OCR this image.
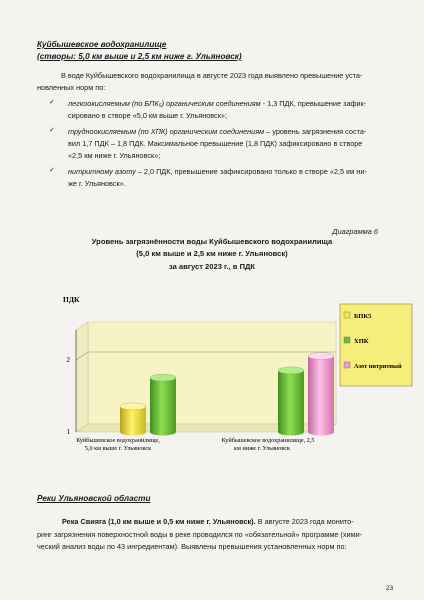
Куйбышевское водохранилище
(створы: 5,0 км выше и 2,5 км ниже г. Ульяновск)
В воде Куйбышевского водохранилища в августе 2023 года выявлено превышение уста-
новленных норм по:
✓ легкоокисляемым (по БПК₅) органическим соединениям - 1,3 ПДК, превышение зафик-
сировано в створе «5,0 км выше г. Ульяновск»;
✓ трудноокисляемым (по ХПК) органическим соединениям – уровень загрязнения соста-
вил 1,7 ПДК – 1,8 ПДК. Максимальное превышение (1,8 ПДК) зафиксировано в створе
«2,5 км ниже г. Ульяновск»;
✓ нитритному азоту – 2,0 ПДК, превышение зафиксировано только в створе «2,5 км ни-
же г. Ульяновск».
Диаграмма 6
Уровень загрязнённости воды Куйбышевского водохранилища
(5,0 км выше и 2,5 км ниже г. Ульяновск)
за август 2023 г., в ПДК
ПДК
1
2
Куйбышевское водохранилище,
5,0 км выше г. Ульяновск
Куйбышевское водохранилище, 2,5
км ниже г. Ульяновск
БПК5
ХПК
Азот нитритный
Реки Ульяновской области
Река Свияга (1,0 км выше и 0,5 км ниже г. Ульяновск). В августе 2023 года монито-
ринг загрязнения поверхностной воды в реке проводился по «обязательной» программе (хими-
ческий анализ воды по 43 ингредиентам). Выявлены превышения установленных норм по:
23
